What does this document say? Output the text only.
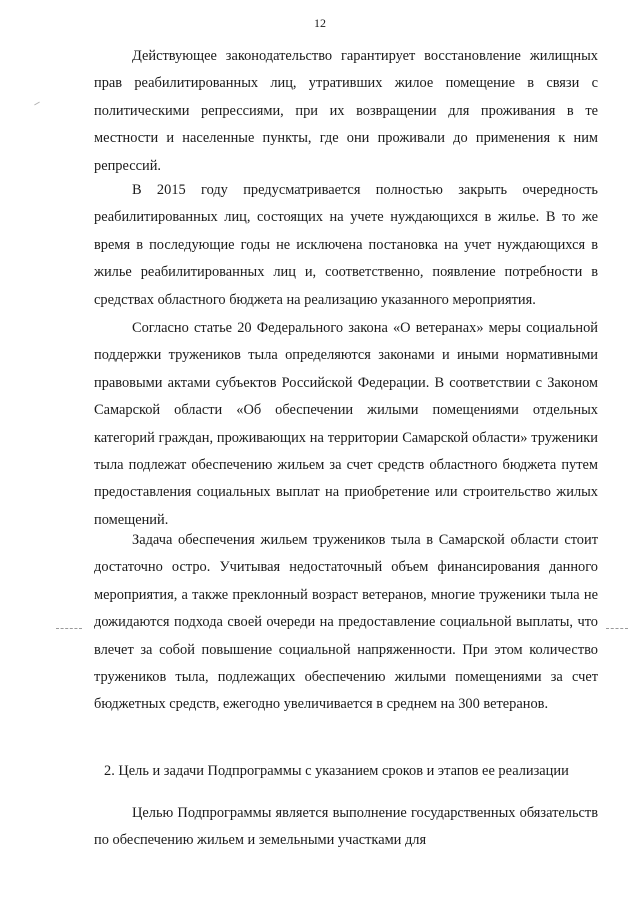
12

Действующее законодательство гарантирует восстановление жилищных прав реабилитированных лиц, утративших жилое помещение в связи с политическими репрессиями, при их возвращении для проживания в те местности и населенные пункты, где они проживали до применения к ним репрессий.

В 2015 году предусматривается полностью закрыть очередность реабилитированных лиц, состоящих на учете нуждающихся в жилье. В то же время в последующие годы не исключена постановка на учет нуждающихся в жилье реабилитированных лиц и, соответственно, появление потребности в средствах областного бюджета на реализацию указанного мероприятия.

Согласно статье 20 Федерального закона «О ветеранах» меры социальной поддержки тружеников тыла определяются законами и иными нормативными правовыми актами субъектов Российской Федерации. В соответствии с Законом Самарской области «Об обеспечении жилыми помещениями отдельных категорий граждан, проживающих на территории Самарской области» труженики тыла подлежат обеспечению жильем за счет средств областного бюджета путем предоставления социальных выплат на приобретение или строительство жилых помещений.

Задача обеспечения жильем тружеников тыла в Самарской области стоит достаточно остро. Учитывая недостаточный объем финансирования данного мероприятия, а также преклонный возраст ветеранов, многие труженики тыла не дожидаются подхода своей очереди на предоставление социальной выплаты, что влечет за собой повышение социальной напряженности. При этом количество тружеников тыла, подлежащих обеспечению жилыми помещениями за счет бюджетных средств, ежегодно увеличивается в среднем на 300 ветеранов.

2. Цель и задачи Подпрограммы с указанием сроков и этапов ее реализации

Целью Подпрограммы является выполнение государственных обязательств по обеспечению жильем и земельными участками для
